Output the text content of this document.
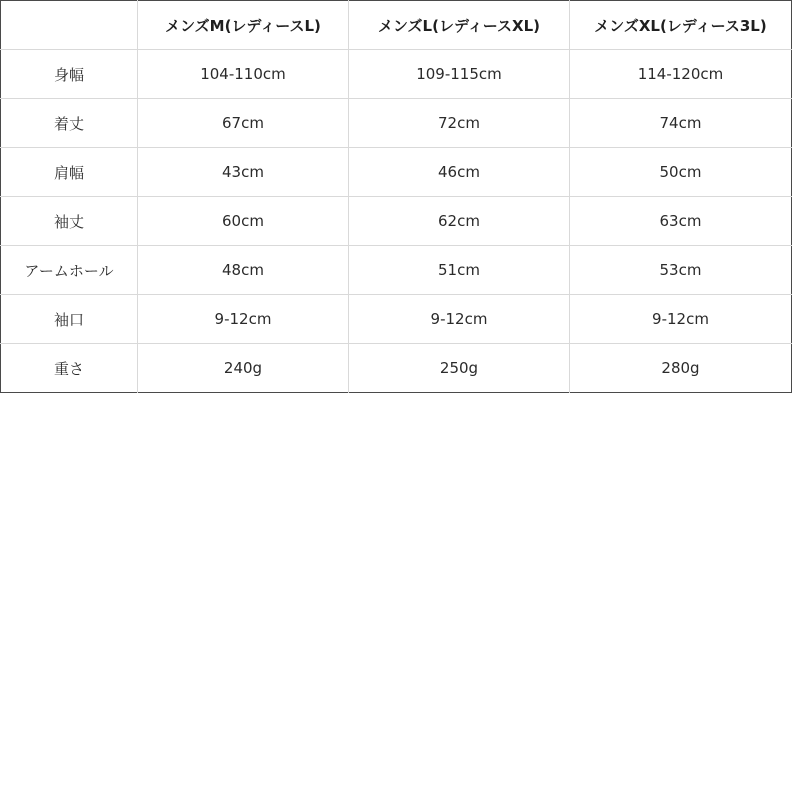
	メンズM(レディースL)	メンズL(レディースXL)	メンズXL(レディース3L)
身幅	104-110cm	109-115cm	114-120cm
着丈	67cm	72cm	74cm
肩幅	43cm	46cm	50cm
袖丈	60cm	62cm	63cm
アームホール	48cm	51cm	53cm
袖口	9-12cm	9-12cm	9-12cm
重さ	240g	250g	280g
